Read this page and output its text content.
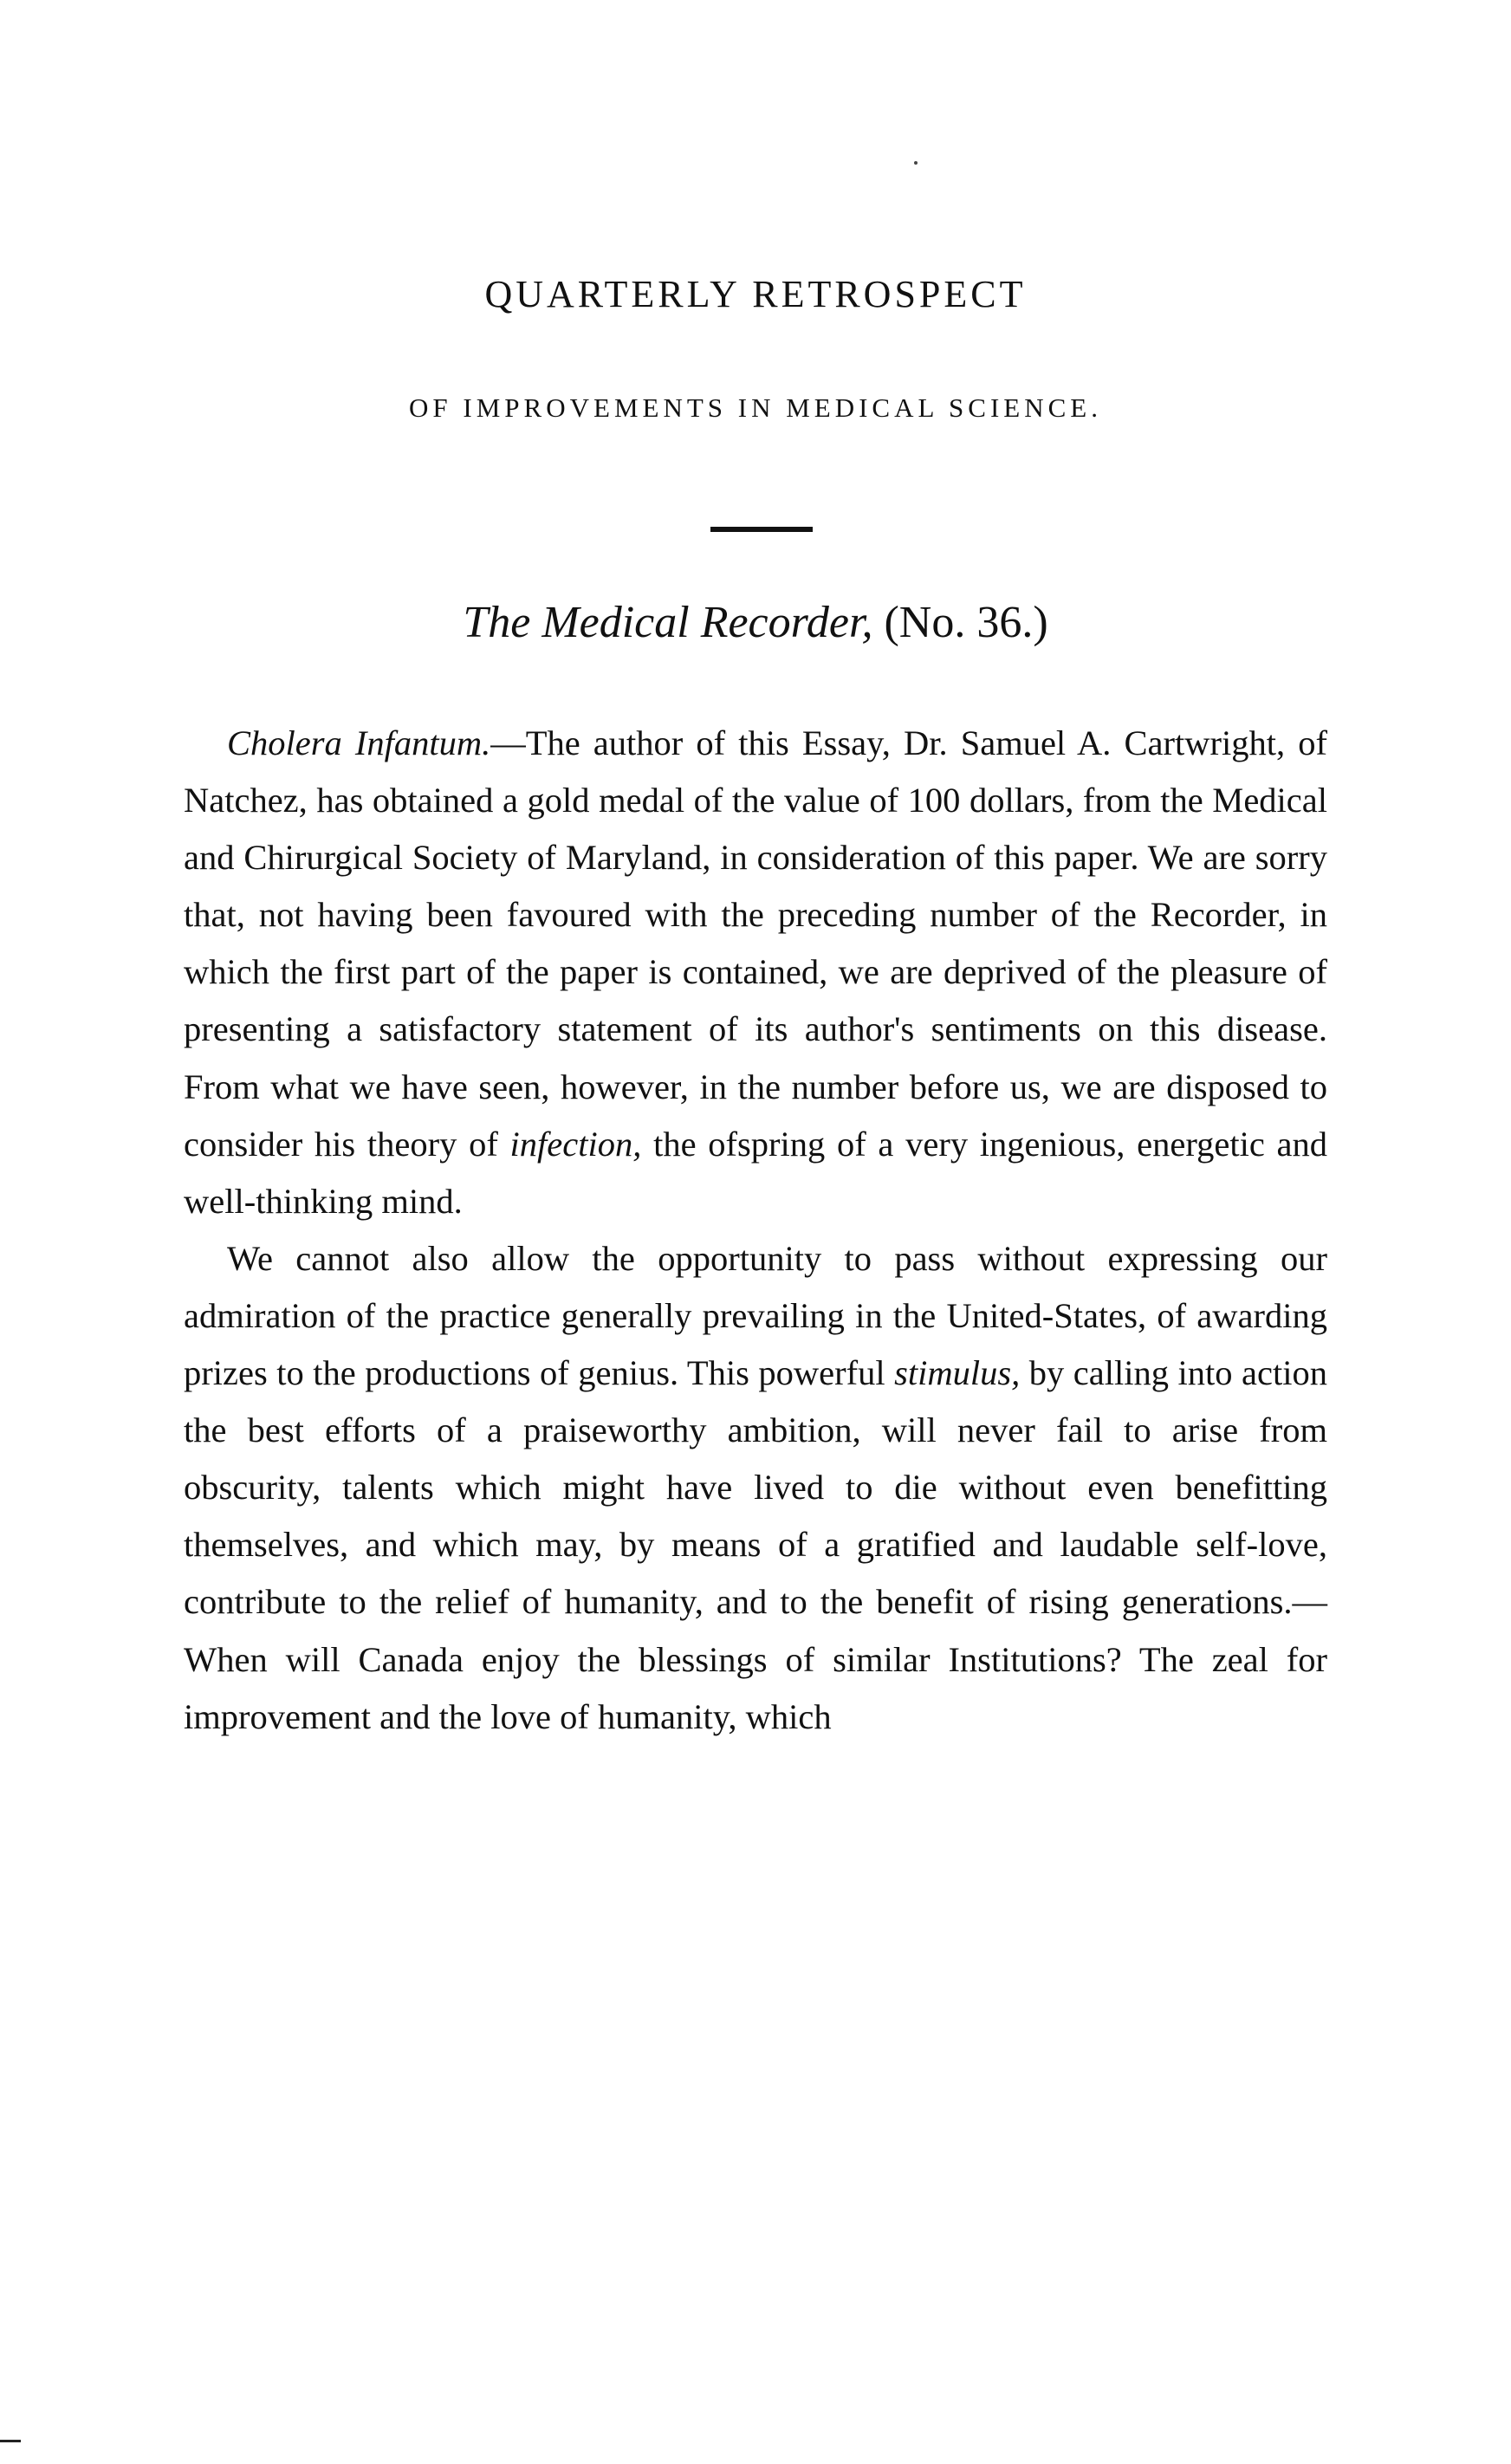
QUARTERLY RETROSPECT
OF IMPROVEMENTS IN MEDICAL SCIENCE.
The Medical Recorder, (No. 36.)

Cholera Infantum.—The author of this Essay, Dr. Samuel A. Cartwright, of Natchez, has obtained a gold medal of the value of 100 dollars, from the Medical and Chirurgical Society of Maryland, in consideration of this paper. We are sorry that, not having been favoured with the preceding number of the Recorder, in which the first part of the paper is contained, we are deprived of the pleasure of presenting a satisfactory statement of its author's sentiments on this disease. From what we have seen, however, in the number before us, we are disposed to consider his theory of infection, the ofspring of a very ingenious, energetic and well-thinking mind.

We cannot also allow the opportunity to pass without expressing our admiration of the practice generally prevailing in the United-States, of awarding prizes to the productions of genius. This powerful stimulus, by calling into action the best efforts of a praiseworthy ambition, will never fail to arise from obscurity, talents which might have lived to die without even benefitting themselves, and which may, by means of a gratified and laudable self-love, contribute to the relief of humanity, and to the benefit of rising generations.—When will Canada enjoy the blessings of similar Institutions? The zeal for improvement and the love of humanity, which
